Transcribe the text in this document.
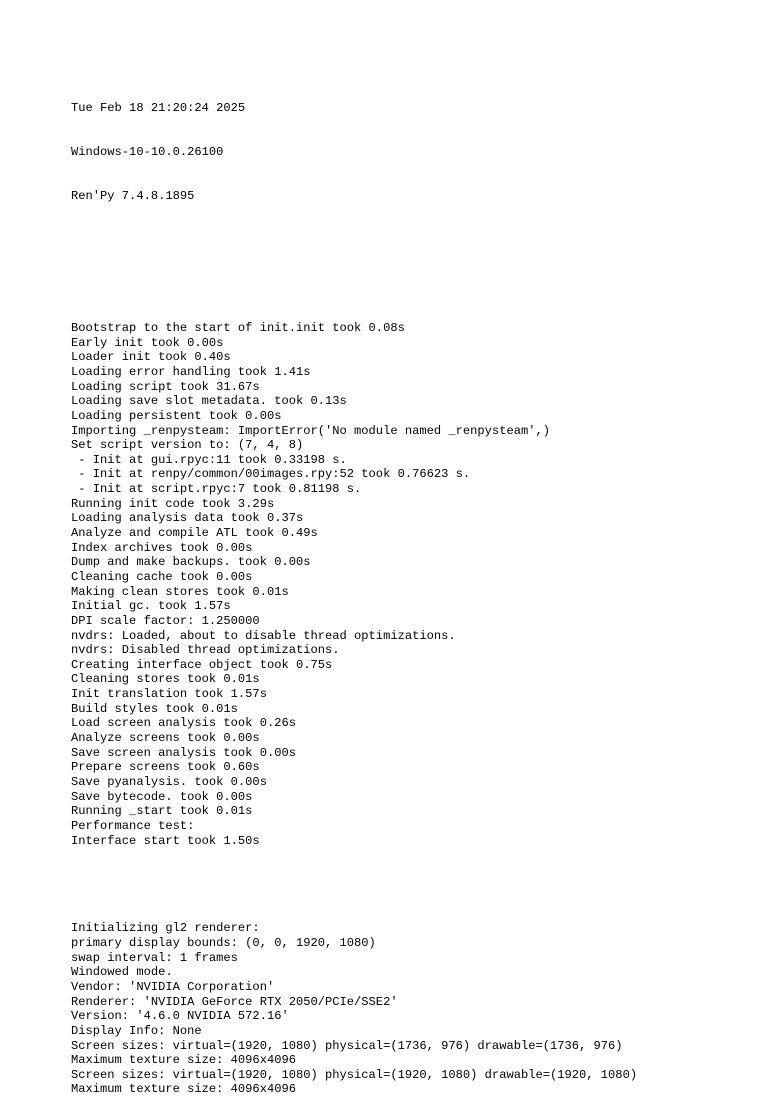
Tue Feb 18 21:20:24 2025

Windows-10-10.0.26100

Ren'Py 7.4.8.1895

Bootstrap to the start of init.init took 0.08s
Early init took 0.00s
Loader init took 0.40s
Loading error handling took 1.41s
Loading script took 31.67s
Loading save slot metadata. took 0.13s
Loading persistent took 0.00s
Importing _renpysteam: ImportError('No module named _renpysteam',)
Set script version to: (7, 4, 8)
- Init at gui.rpyc:11 took 0.33198 s.
- Init at renpy/common/00images.rpy:52 took 0.76623 s.
- Init at script.rpyc:7 took 0.81198 s.
Running init code took 3.29s
Loading analysis data took 0.37s
Analyze and compile ATL took 0.49s
Index archives took 0.00s
Dump and make backups. took 0.00s
Cleaning cache took 0.00s
Making clean stores took 0.01s
Initial gc. took 1.57s
DPI scale factor: 1.250000
nvdrs: Loaded, about to disable thread optimizations.
nvdrs: Disabled thread optimizations.
Creating interface object took 0.75s
Cleaning stores took 0.01s
Init translation took 1.57s
Build styles took 0.01s
Load screen analysis took 0.26s
Analyze screens took 0.00s
Save screen analysis took 0.00s
Prepare screens took 0.60s
Save pyanalysis. took 0.00s
Save bytecode. took 0.00s
Running _start took 0.01s
Performance test:
Interface start took 1.50s

Initializing gl2 renderer:
primary display bounds: (0, 0, 1920, 1080)
swap interval: 1 frames
Windowed mode.
Vendor: 'NVIDIA Corporation'
Renderer: 'NVIDIA GeForce RTX 2050/PCIe/SSE2'
Version: '4.6.0 NVIDIA 572.16'
Display Info: None
Screen sizes: virtual=(1920, 1080) physical=(1736, 976) drawable=(1736, 976)
Maximum texture size: 4096x4096
Screen sizes: virtual=(1920, 1080) physical=(1920, 1080) drawable=(1920, 1080)
Maximum texture size: 4096x4096
